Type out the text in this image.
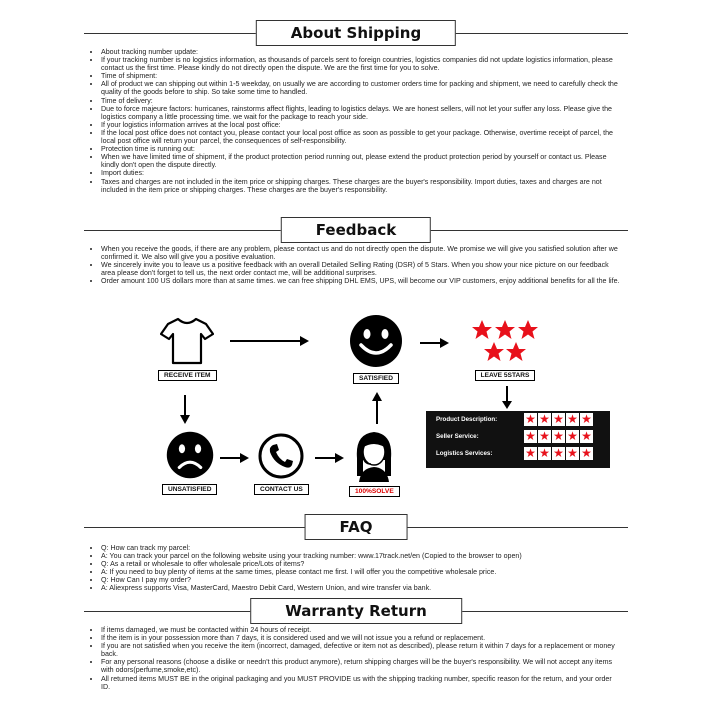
About Shipping
• About tracking number update:
• If your tracking number is no logistics information, as thousands of parcels sent to foreign countries, logistics companies did not update logistics information, please contact us the first time. Please kindly do not directly open the dispute. We are the first time for you to solve.
• Time of shipment:
• All of product we can shipping out within 1-5 weekday, on usually we are according to customer orders time for packing and shipment, we need to carefully check the quality of the goods before to ship. So take some time to handled.
• Time of delivery:
• Due to force majeure factors: hurricanes, rainstorms affect flights, leading to logistics delays. We are honest sellers, will not let your suffer any loss. Please give the logistics company a little processing time. we wait for the package to reach your side.
• If your logistics information arrives at the local post office:
• If the local post office does not contact you, please contact your local post office as soon as possible to get your package. Otherwise, overtime receipt of parcel, the local post office will return your parcel, the consequences of self-responsibility.
• Protection time is running out:
• When we have limited time of shipment, if the product protection period running out, please extend the product protection period by yourself or contact us. Please kindly don't open the dispute directly.
• Import duties:
• Taxes and charges are not included in the item price or shipping charges. These charges are the buyer's responsibility. Import duties, taxes and charges are not included in the item price or shipping charges. These charges are the buyer's responsibility.
Feedback
• When you receive the goods, if there are any problem, please contact us and do not directly open the dispute. We promise we will give you satisfied solution after we confirmed it. We also will give you a positive evaluation.
• We sincerely invite you to leave us a positive feedback with an overall Detailed Selling Rating (DSR) of 5 Stars. When you show your nice picture on our feedback area please don't forget to tell us, the next order contact me, will be additional surprises.
• Order amount 100 US dollars more than at same times. we can free shipping DHL EMS, UPS, will become our VIP customers, enjoy additional benefits for all the life.
RECEIVE ITEM	SATISFIED	LEAVE 5STARS
Product Description:	★ ★ ★ ★ ★
Seller Service:	★ ★ ★ ★ ★
Logistics Services:	★ ★ ★ ★ ★
UNSATISFIED	CONTACT US	100%SOLVE
FAQ
• Q: How can track my parcel:
• A: You can track your parcel on the following website using your tracking number: www.17track.net/en (Copied to the browser to open)
• Q: As a retail or wholesale to offer wholesale price/Lots of items?
• A: If you need to buy plenty of items at the same times, please contact me first. I will offer you the competitive wholesale price.
• Q: How Can I pay my order?
• A: Aliexpress supports Visa, MasterCard, Maestro Debit Card, Western Union, and wire transfer via bank.
Warranty Return
• If items damaged, we must be contacted within 24 hours of receipt.
• If the item is in your possession more than 7 days, it is considered used and we will not issue you a refund or replacement.
• If you are not satisfied when you receive the item (incorrect, damaged, defective or item not as described), please return it within 7 days for a replacement or money back.
• For any personal reasons (choose a dislike or needn't this product anymore), return shipping charges will be the buyer's responsibility. We will not accept any items with odors(perfume,smoke,etc).
• All returned items MUST BE in the original packaging and you MUST PROVIDE us with the shipping tracking number, specific reason for the return, and your order ID.
